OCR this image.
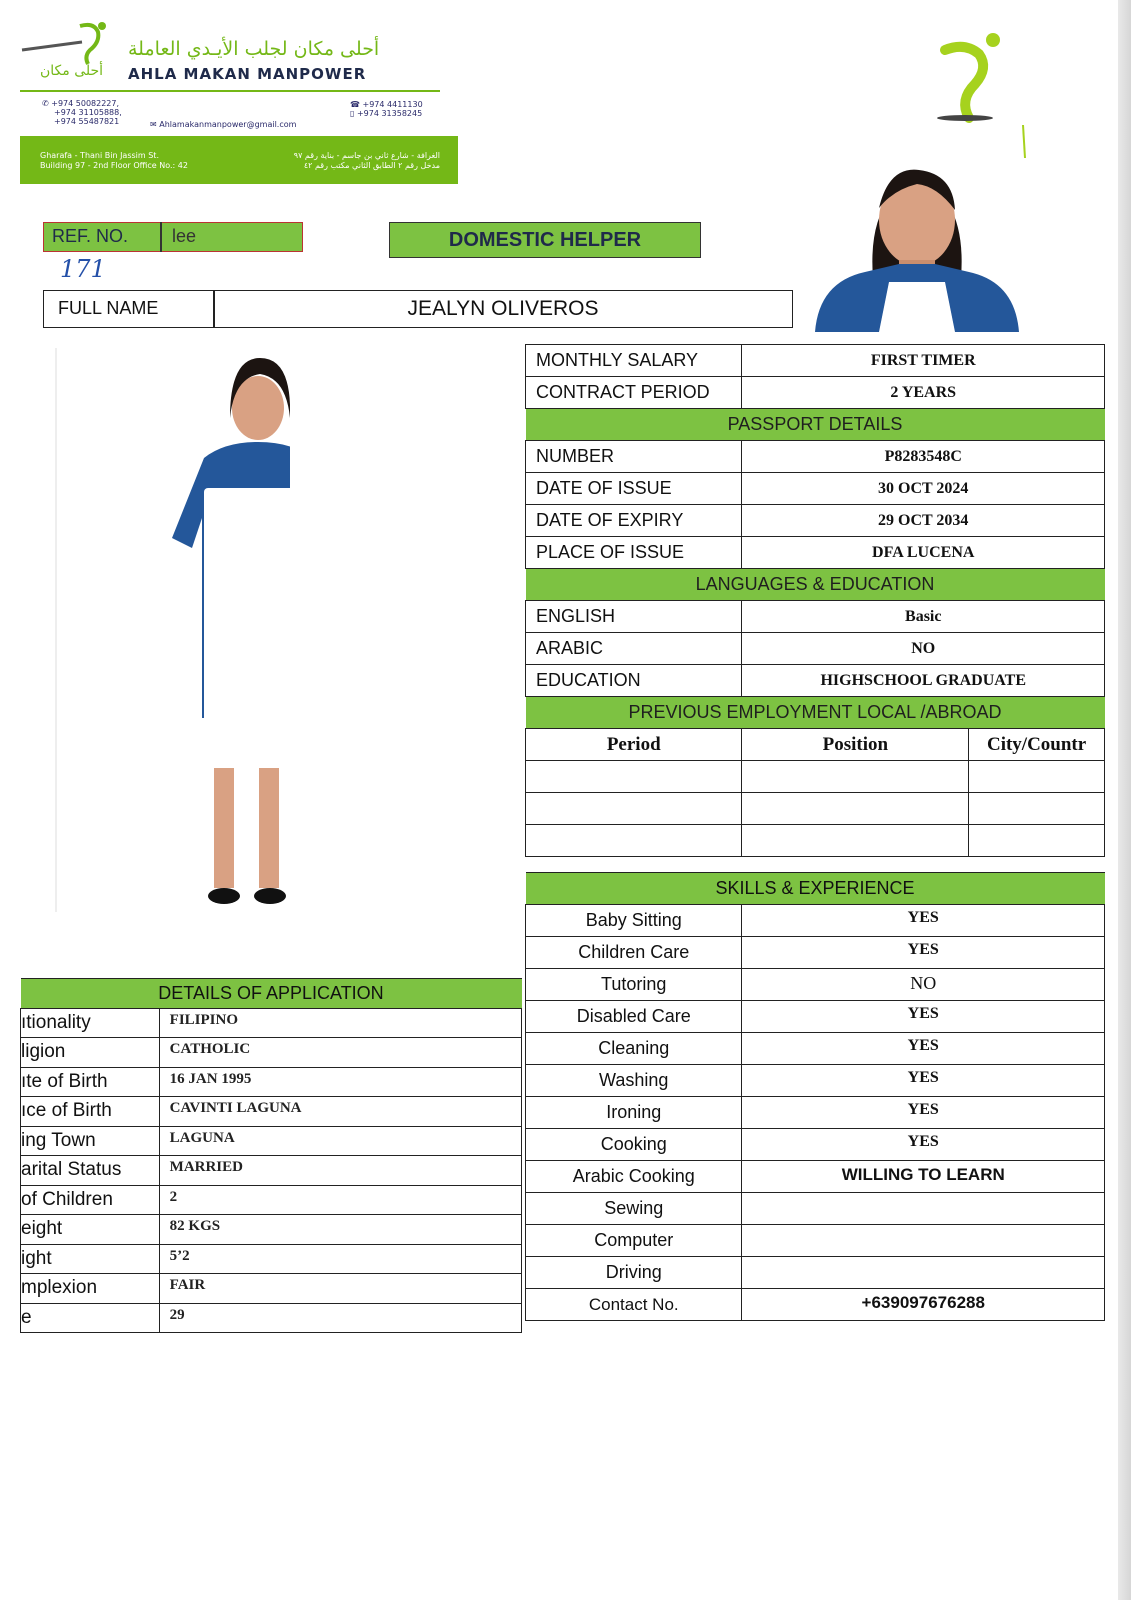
أحلى مكان
أحلى مكان لجلب الأيـدي العاملة
AHLA MAKAN MANPOWER
✆ +974 50082227,
+974 31105888,
+974 55487821	✉ Ahlamakanmanpower@gmail.com
☎ +974 4411130
▯ +974 31358245
Gharafa - Thani Bin Jassim St.
Building 97 - 2nd Floor Office No.: 42
الغرافة - شارع ثاني بن جاسم - بناية رقم ٩٧
مدخل رقم ٢ الطابق الثاني مكتب رقم ٤٢
REF. NO. lee
171
DOMESTIC HELPER
FULL NAME	JEALYN OLIVEROS
MONTHLY SALARY	FIRST TIMER	
CONTRACT PERIOD	2 YEARS	
PASSPORT DETAILS		
NUMBER	P8283548C	
DATE OF ISSUE	30 OCT 2024	
DATE OF EXPIRY	29 OCT 2034	
PLACE OF ISSUE	DFA LUCENA	
LANGUAGES & EDUCATION		
ENGLISH	Basic	
ARABIC	NO	
EDUCATION	HIGHSCHOOL GRADUATE	
PREVIOUS EMPLOYMENT LOCAL /ABROAD		
Period	Position	City/Countr

SKILLS & EXPERIENCE	
Baby Sitting	YES
Children Care	YES
Tutoring	NO
Disabled Care	YES
Cleaning	YES
Washing	YES
Ironing	YES
Cooking	YES
Arabic Cooking	WILLING TO LEARN
Sewing	
Computer	
Driving	
Contact No.	+639097676288
DETAILS OF APPLICATION	
ıtionality	FILIPINO
ligion	CATHOLIC
ıte of Birth	16 JAN 1995
ıce of Birth	CAVINTI LAGUNA
ing Town	LAGUNA
arital Status	MARRIED
of Children	2
eight	82 KGS
ight	5’2
mplexion	FAIR
e	29
